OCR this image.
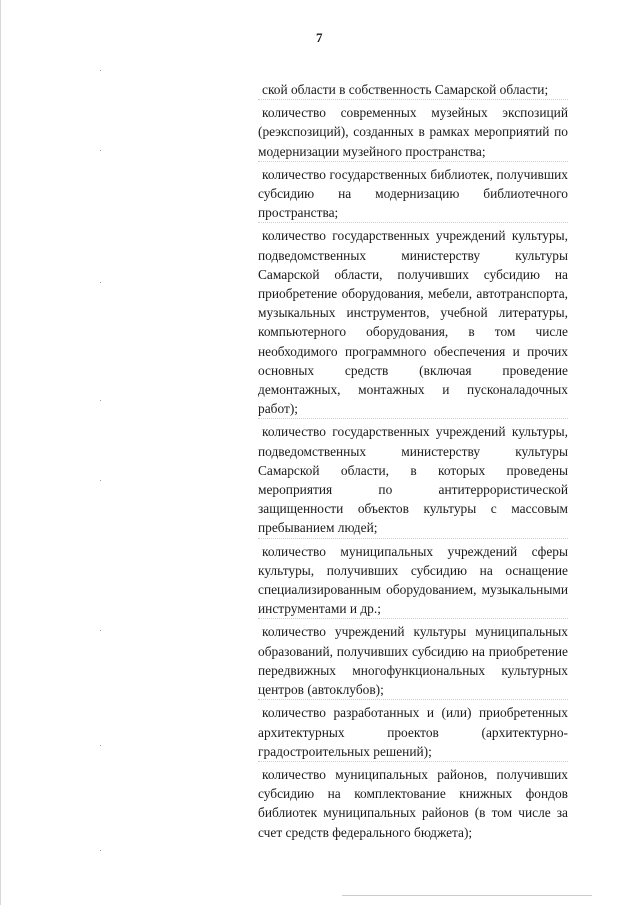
7

ской области в собственность Самарской области;

количество современных музейных экспозиций (реэкспозиций), созданных в рамках мероприятий по модернизации музейного пространства;

количество государственных библиотек, получивших субсидию на модернизацию библиотечного пространства;

количество государственных учреждений культуры, подведомственных министерству культуры Самарской области, получивших субсидию на приобретение оборудования, мебели, автотранспорта, музыкальных инструментов, учебной литературы, компьютерного оборудования, в том числе необходимого программного обеспечения и прочих основных средств (включая проведение демонтажных, монтажных и пусконаладочных работ);

количество государственных учреждений культуры, подведомственных министерству культуры Самарской области, в которых проведены мероприятия по антитеррористической защищенности объектов культуры с массовым пребыванием людей;

количество муниципальных учреждений сферы культуры, получивших субсидию на оснащение специализированным оборудованием, музыкальными инструментами и др.;

количество учреждений культуры муниципальных образований, получивших субсидию на приобретение передвижных многофункциональных культурных центров (автоклубов);

количество разработанных и (или) приобретенных архитектурных проектов (архитектурно-градостроительных решений);

количество муниципальных районов, получивших субсидию на комплектование книжных фондов библиотек муниципальных районов (в том числе за счет средств федерального бюджета);
